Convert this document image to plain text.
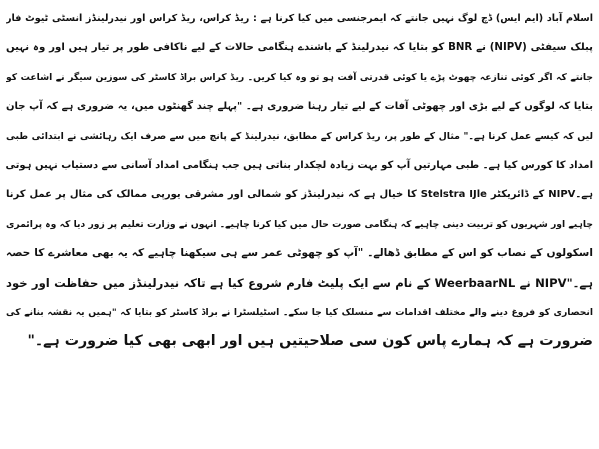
اسلام آباد (ایم ایس) ڈچ لوگ نہیں جانتے کہ ایمرجنسی میں کیا کرنا ہے : ریڈ کراس، ریڈ کراس اور نیدرلینڈز انسٹی ٹیوٹ فار
پبلک سیفٹی (NIPV) نے BNR کو بتایا کہ نیدرلینڈ کے باشندے ہنگامی حالات کے لیے ناکافی طور پر تیار ہیں اور وہ نہیں
جانتے کہ اگر کوئی تنازعہ چھوٹ پڑے یا کوئی قدرتی آفت ہو تو وہ کیا کریں۔ ریڈ کراس براڈ کاسٹر کی سوزین سیگر نے اشاعت کو
بتایا کہ لوگوں کے لیے بڑی اور چھوٹی آفات کے لیے تیار رہنا ضروری ہے۔ "پہلے چند گھنٹوں میں، یہ ضروری ہے کہ آپ جان
لیں کہ کیسے عمل کرنا ہے۔" مثال کے طور پر، ریڈ کراس کے مطابق، نیدرلینڈ کے پانچ میں سے صرف ایک رہائشی نے ابتدائی طبی
امداد کا کورس کیا ہے۔ طبی مہارتیں آپ کو بہت زیادہ لچکدار بناتی ہیں جب ہنگامی امداد آسانی سے دستیاب نہیں ہوتی
ہے۔NIPV کے ڈائریکٹر Stelstra IJle کا خیال ہے کہ نیدرلینڈز کو شمالی اور مشرقی یورپی ممالک کی مثال پر عمل کرنا
چاہیے اور شہریوں کو تربیت دینی چاہیے کہ ہنگامی صورت حال میں کیا کرنا چاہیے۔ انہوں نے وزارت تعلیم پر زور دیا کہ وہ پرائمری
اسکولوں کے نصاب کو اس کے مطابق ڈھالے۔ "آپ کو چھوٹی عمر سے ہی سیکھنا چاہیے کہ یہ بھی معاشرے کا حصہ
ہے۔"NIPV نے WeerbaarNL کے نام سے ایک پلیٹ فارم شروع کیا ہے تاکہ نیدرلینڈز میں حفاظت اور خود
انحصاری کو فروغ دینے والے مختلف اقدامات سے منسلک کیا جا سکے۔ اسٹیلسٹرا نے براڈ کاسٹر کو بتایا کہ "ہمیں یہ نقشہ بنانے کی
ضرورت ہے کہ ہمارے پاس کون سی صلاحیتیں ہیں اور ابھی بھی کیا ضرورت ہے۔"
